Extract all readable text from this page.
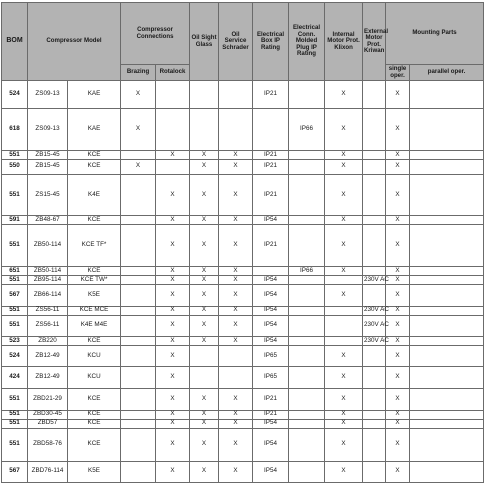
BOM	Compressor Model		Compressor Connections		Oil Sight Glass	Oil Service Schrader	Electrical Box IP Rating	Electrical Conn. Molded Plug IP Rating	Internal Motor Prot. Klixon	External Motor Prot. Kriwan	Mounting Parts	
			Brazing	Rotalock							single oper.	parallel oper.	
524	ZS09-13	KAE	X				IP21		X		X		
618	ZS09-13	KAE	X					IP66	X		X		
551	ZB15-45	KCE		X	X	X	IP21		X		X		
550	ZB15-45	KCE	X		X	X	IP21		X		X		
551	ZS15-45	K4E		X	X	X	IP21		X		X		
591	ZB48-67	KCE		X	X	X	IP54		X		X		
551	ZB50-114	KCE TF*		X	X	X	IP21		X		X		
651	ZB50-114	KCE		X	X	X		IP66	X		X		
551	ZB95-114	KCE TW*		X	X	X	IP54			230V AC	X		
567	ZB66-114	K5E		X	X	X	IP54		X		X		
551	ZS56-11	KCE MCE		X	X	X	IP54			230V AC	X		
551	ZS56-11	K4E M4E		X	X	X	IP54			230V AC	X		
523	ZB220	KCE		X	X	X	IP54			230V AC	X		
524	ZB12-49	KCU		X			IP65		X		X		
424	ZB12-49	KCU		X			IP65		X		X		
551	ZBD21-29	KCE		X	X	X	IP21		X		X		
551	ZBD30-45	KCE		X	X	X	IP21		X		X		
551	ZBD57	KCE		X	X	X	IP54		X		X		
551	ZBD58-76	KCE		X	X	X	IP54		X		X		
567	ZBD76-114	K5E		X	X	X	IP54		X		X		
